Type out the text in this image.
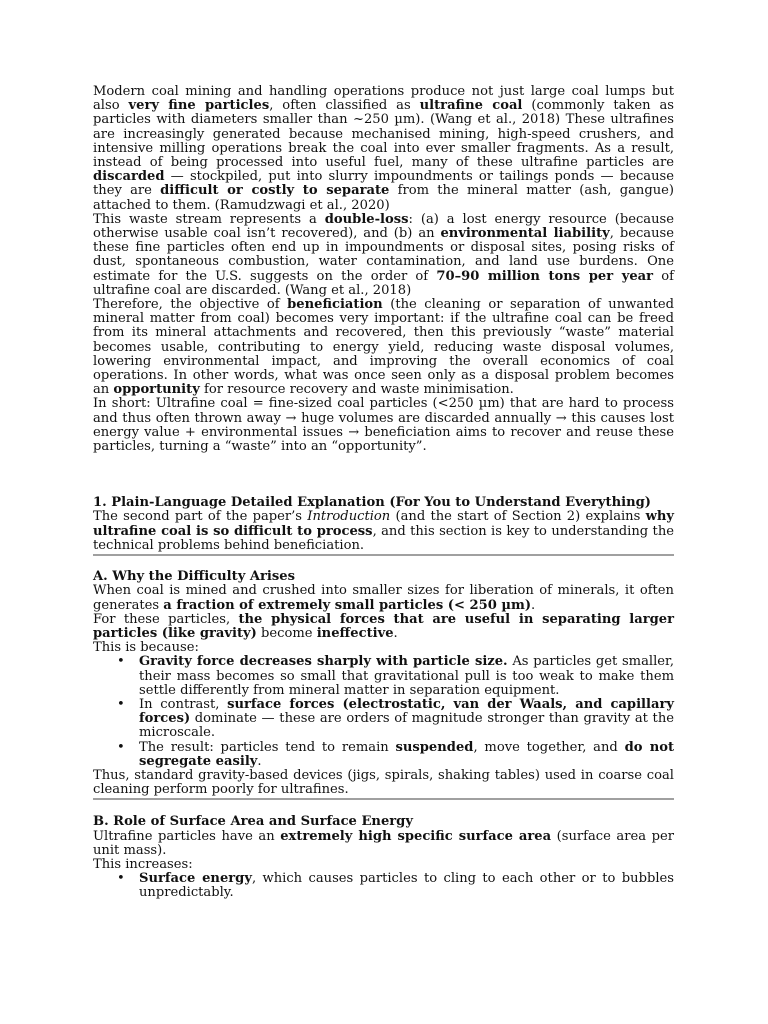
Modern coal mining and handling operations produce not just large coal lumps but also very fine particles, often classified as ultrafine coal (commonly taken as particles with diameters smaller than ~250 µm). (Wang et al., 2018) These ultrafines are increasingly generated because mechanised mining, high-speed crushers, and intensive milling operations break the coal into ever smaller fragments. As a result, instead of being processed into useful fuel, many of these ultrafine particles are discarded — stockpiled, put into slurry impoundments or tailings ponds — because they are difficult or costly to separate from the mineral matter (ash, gangue) attached to them. (Ramudzwagi et al., 2020)

This waste stream represents a double-loss: (a) a lost energy resource (because otherwise usable coal isn’t recovered), and (b) an environmental liability, because these fine particles often end up in impoundments or disposal sites, posing risks of dust, spontaneous combustion, water contamination, and land use burdens. One estimate for the U.S. suggests on the order of 70–90 million tons per year of ultrafine coal are discarded. (Wang et al., 2018)

Therefore, the objective of beneficiation (the cleaning or separation of unwanted mineral matter from coal) becomes very important: if the ultrafine coal can be freed from its mineral attachments and recovered, then this previously “waste” material becomes usable, contributing to energy yield, reducing waste disposal volumes, lowering environmental impact, and improving the overall economics of coal operations. In other words, what was once seen only as a disposal problem becomes an opportunity for resource recovery and waste minimisation.

In short: Ultrafine coal = fine-sized coal particles (<250 µm) that are hard to process and thus often thrown away → huge volumes are discarded annually → this causes lost energy value + environmental issues → beneficiation aims to recover and reuse these particles, turning a “waste” into an “opportunity”.

1. Plain-Language Detailed Explanation (For You to Understand Everything)

The second part of the paper’s Introduction (and the start of Section 2) explains why ultrafine coal is so difficult to process, and this section is key to understanding the technical problems behind beneficiation.

A. Why the Difficulty Arises

When coal is mined and crushed into smaller sizes for liberation of minerals, it often generates a fraction of extremely small particles (< 250 µm).

For these particles, the physical forces that are useful in separating larger particles (like gravity) become ineffective.

This is because:

• Gravity force decreases sharply with particle size. As particles get smaller, their mass becomes so small that gravitational pull is too weak to make them settle differently from mineral matter in separation equipment.
• In contrast, surface forces (electrostatic, van der Waals, and capillary forces) dominate — these are orders of magnitude stronger than gravity at the microscale.
• The result: particles tend to remain suspended, move together, and do not segregate easily.

Thus, standard gravity-based devices (jigs, spirals, shaking tables) used in coarse coal cleaning perform poorly for ultrafines.

B. Role of Surface Area and Surface Energy

Ultrafine particles have an extremely high specific surface area (surface area per unit mass).

This increases:

• Surface energy, which causes particles to cling to each other or to bubbles unpredictably.
